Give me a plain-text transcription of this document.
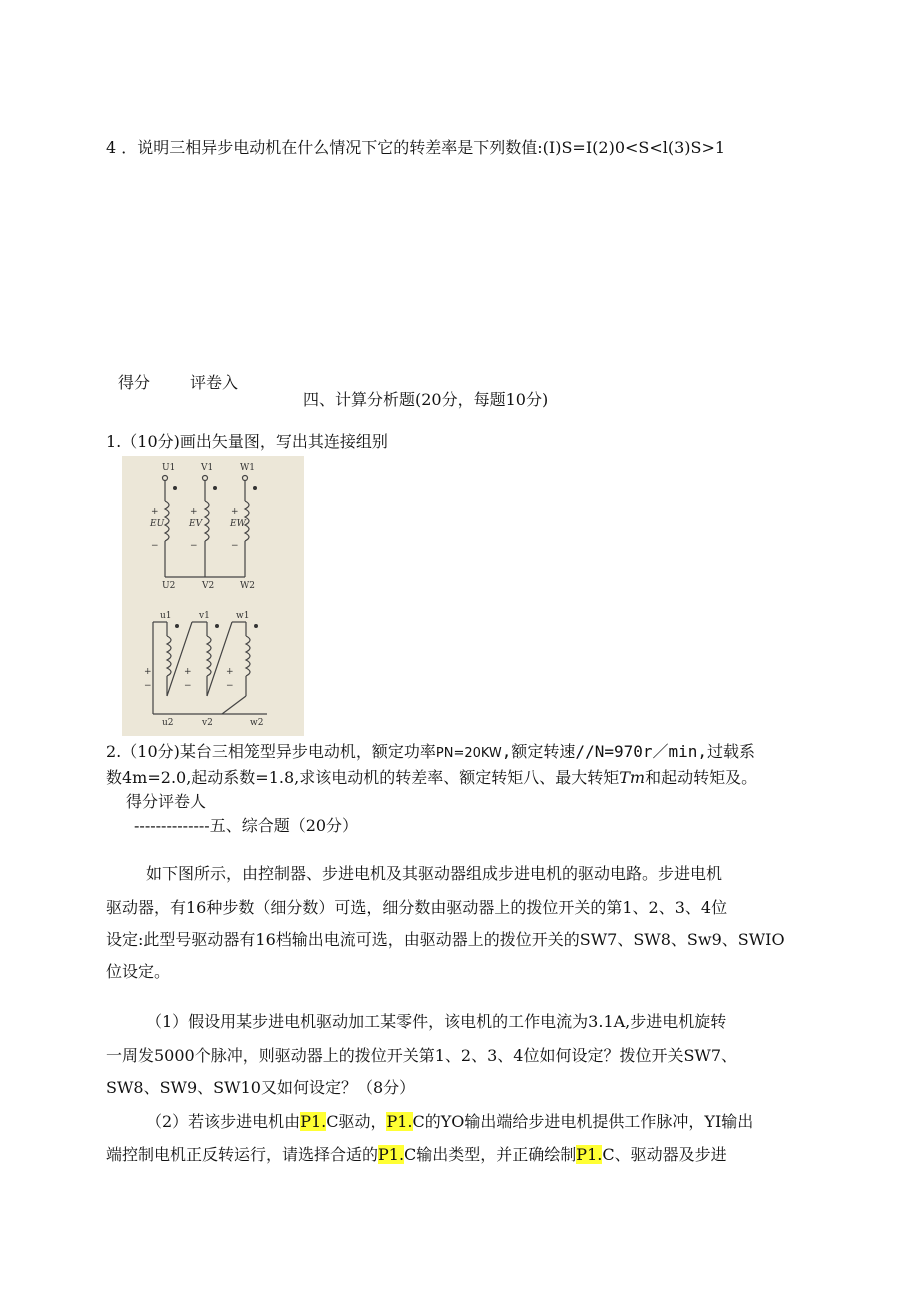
4 ．说明三相异步电动机在什么情况下它的转差率是下列数值:(I)S=I(2)0<S<l(3)S>1
得分 评卷入
四、计算分析题(20分，每题10分)
1.（10分)画出矢量图，写出其连接组别
U1	V1	W1
EU	EV	EW
+	+	+
−	−	−
U2	V2	W2
u1	v1	w1
u2	v2	w2
+	+	+
−	−	−
2.（10分)某台三相笼型异步电动机，额定功率PN=20KW,额定转速//N=970r／min,过载系
数4m=2.0,起动系数=1.8,求该电动机的转差率、额定转矩八、最大转矩Tm和起动转矩及。
得分评卷人
--------------五、综合题（20分）
如下图所示，由控制器、步进电机及其驱动器组成步进电机的驱动电路。步进电机
驱动器，有16种步数（细分数）可选，细分数由驱动器上的拨位开关的第1、2、3、4位
设定:此型号驱动器有16档输出电流可选，由驱动器上的拨位开关的SW7、SW8、Sw9、SWIO
位设定。
（1）假设用某步进电机驱动加工某零件，该电机的工作电流为3.1A,步进电机旋转
一周发5000个脉冲，则驱动器上的拨位开关第1、2、3、4位如何设定？拨位开关SW7、
SW8、SW9、SW10又如何设定？（8分）
（2）若该步进电机由P1.C驱动，P1.C的YO输出端给步进电机提供工作脉冲，YI输出
端控制电机正反转运行，请选择合适的P1.C输出类型，并正确绘制P1.C、驱动器及步进
